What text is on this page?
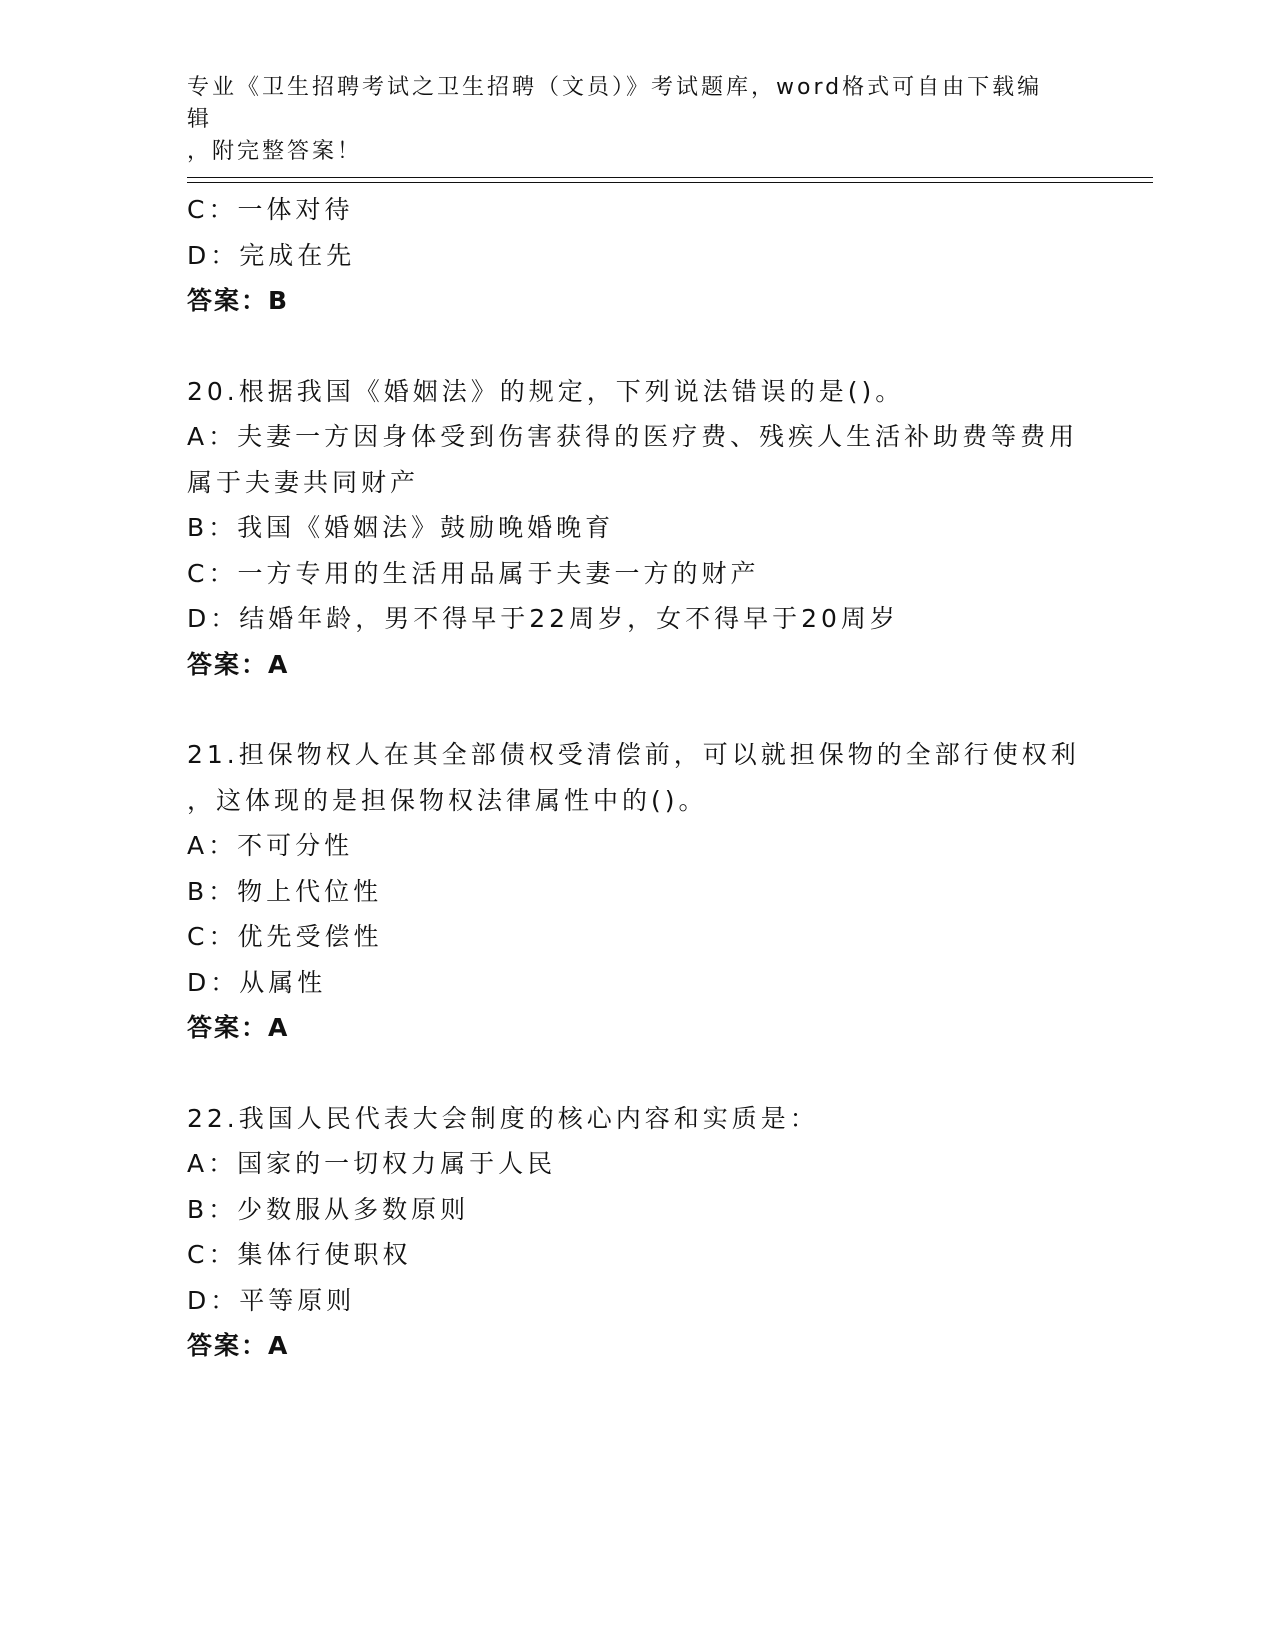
专业《卫生招聘考试之卫生招聘（文员）》考试题库，word格式可自由下载编辑
，附完整答案！
C：一体对待
D：完成在先
答案：B
20.根据我国《婚姻法》的规定，下列说法错误的是()。
A：夫妻一方因身体受到伤害获得的医疗费、残疾人生活补助费等费用
属于夫妻共同财产
B：我国《婚姻法》鼓励晚婚晚育
C：一方专用的生活用品属于夫妻一方的财产
D：结婚年龄，男不得早于22周岁，女不得早于20周岁
答案：A
21.担保物权人在其全部债权受清偿前，可以就担保物的全部行使权利
，这体现的是担保物权法律属性中的()。
A：不可分性
B：物上代位性
C：优先受偿性
D：从属性
答案：A
22.我国人民代表大会制度的核心内容和实质是：
A：国家的一切权力属于人民
B：少数服从多数原则
C：集体行使职权
D：平等原则
答案：A
